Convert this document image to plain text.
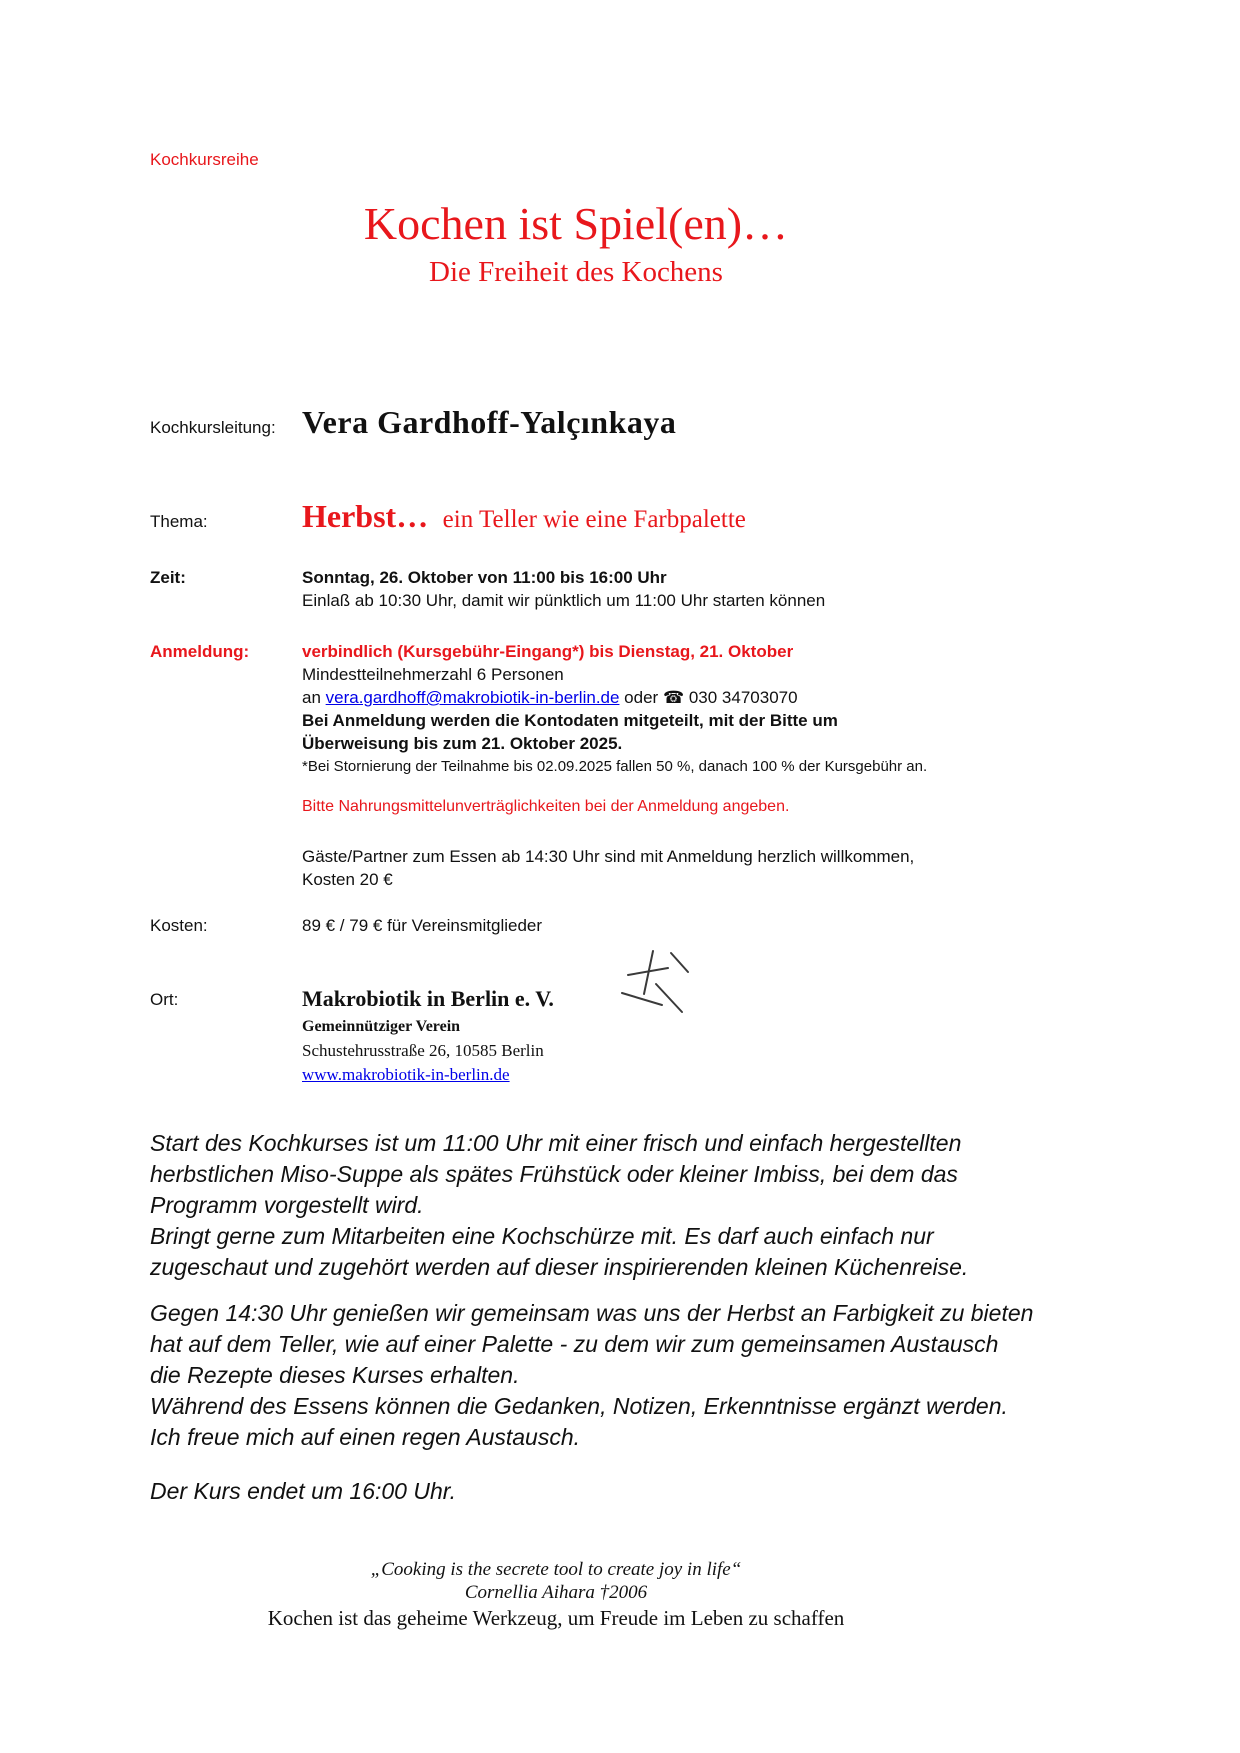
Kochkursreihe
Kochen ist Spiel(en)…
Die Freiheit des Kochens
Kochkursleitung: Vera Gardhoff-Yalçınkaya
Thema:	Herbst… ein Teller wie eine Farbpalette
Zeit:	Sonntag, 26. Oktober von 11:00 bis 16:00 Uhr
Einlaß ab 10:30 Uhr, damit wir pünktlich um 11:00 Uhr starten können
Anmeldung:	verbindlich (Kursgebühr-Eingang*) bis Dienstag, 21. Oktober
Mindestteilnehmerzahl 6 Personen
an vera.gardhoff@makrobiotik-in-berlin.de oder ☎ 030 34703070
Bei Anmeldung werden die Kontodaten mitgeteilt, mit der Bitte um
Überweisung bis zum 21. Oktober 2025.
*Bei Stornierung der Teilnahme bis 02.09.2025 fallen 50 %, danach 100 % der Kursgebühr an.
Bitte Nahrungsmittelunverträglichkeiten bei der Anmeldung angeben.
Gäste/Partner zum Essen ab 14:30 Uhr sind mit Anmeldung herzlich willkommen,
Kosten 20 €
Kosten:	89 € / 79 € für Vereinsmitglieder
Ort:	Makrobiotik in Berlin e. V.
Gemeinnütziger Verein
Schustehrusstraße 26, 10585 Berlin
www.makrobiotik-in-berlin.de
Start des Kochkurses ist um 11:00 Uhr mit einer frisch und einfach hergestellten
herbstlichen Miso-Suppe als spätes Frühstück oder kleiner Imbiss, bei dem das
Programm vorgestellt wird.
Bringt gerne zum Mitarbeiten eine Kochschürze mit. Es darf auch einfach nur
zugeschaut und zugehört werden auf dieser inspirierenden kleinen Küchenreise.
Gegen 14:30 Uhr genießen wir gemeinsam was uns der Herbst an Farbigkeit zu bieten
hat auf dem Teller, wie auf einer Palette - zu dem wir zum gemeinsamen Austausch
die Rezepte dieses Kurses erhalten.
Während des Essens können die Gedanken, Notizen, Erkenntnisse ergänzt werden.
Ich freue mich auf einen regen Austausch.
Der Kurs endet um 16:00 Uhr.
„Cooking is the secrete tool to create joy in life“
Cornellia Aihara †2006
Kochen ist das geheime Werkzeug, um Freude im Leben zu schaffen
